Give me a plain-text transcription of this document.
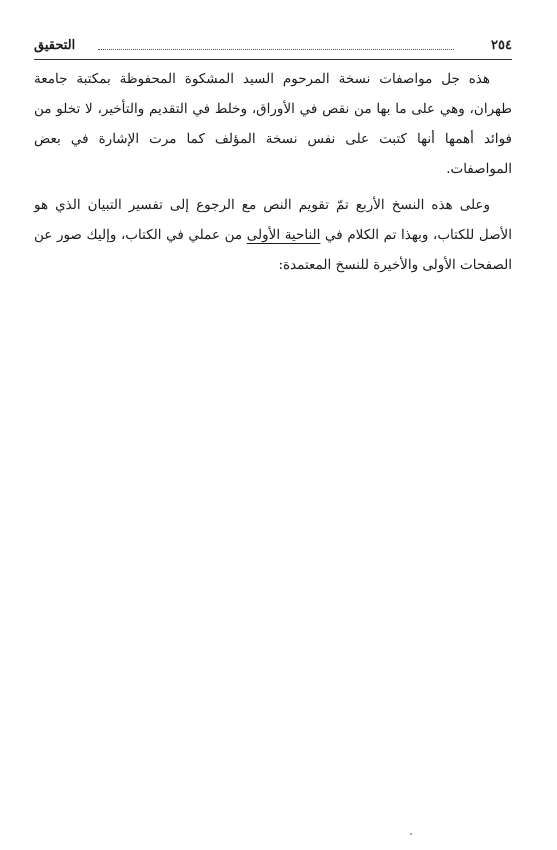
التحقيق	٢٥٤

هذه جل مواصفات نسخة المرحوم السيد المشكوة المحفوظة بمكتبة جامعة طهران، وهي على ما بها من نقص في الأوراق، وخلط في التقديم والتأخير، لا تخلو من فوائد أهمها أنها كتبت على نفس نسخة المؤلف كما مرت الإشارة في بعض المواصفات.

وعلى هذه النسخ الأربع تمّ تقويم النص مع الرجوع إلى تفسير التبيان الذي هو الأصل للكتاب، وبهذا تم الكلام في الناحية الأولى من عملي في الكتاب، وإليك صور عن الصفحات الأولى والأخيرة للنسخ المعتمدة:
